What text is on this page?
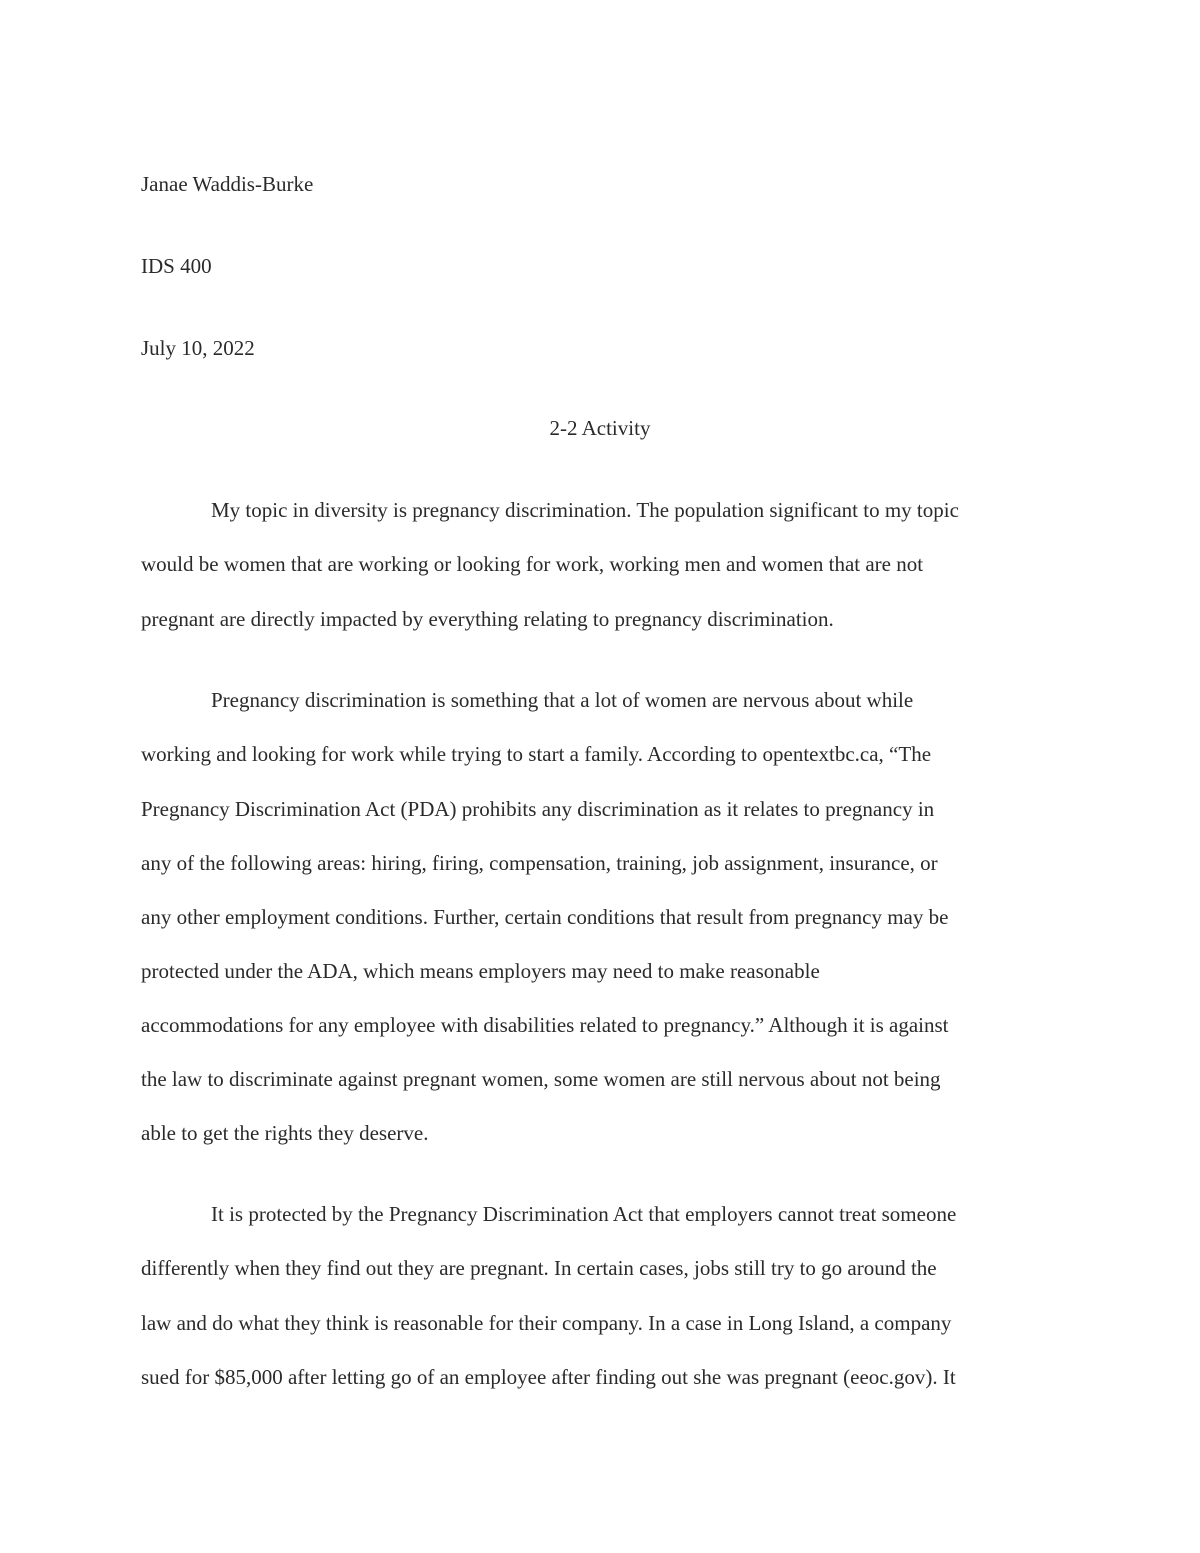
Janae Waddis-Burke
IDS 400
July 10, 2022
2-2 Activity
My topic in diversity is pregnancy discrimination. The population significant to my topic
would be women that are working or looking for work, working men and women that are not
pregnant are directly impacted by everything relating to pregnancy discrimination.
Pregnancy discrimination is something that a lot of women are nervous about while
working and looking for work while trying to start a family. According to opentextbc.ca, “The
Pregnancy Discrimination Act (PDA) prohibits any discrimination as it relates to pregnancy in
any of the following areas: hiring, firing, compensation, training, job assignment, insurance, or
any other employment conditions. Further, certain conditions that result from pregnancy may be
protected under the ADA, which means employers may need to make reasonable
accommodations for any employee with disabilities related to pregnancy.” Although it is against
the law to discriminate against pregnant women, some women are still nervous about not being
able to get the rights they deserve.
It is protected by the Pregnancy Discrimination Act that employers cannot treat someone
differently when they find out they are pregnant. In certain cases, jobs still try to go around the
law and do what they think is reasonable for their company. In a case in Long Island, a company
sued for $85,000 after letting go of an employee after finding out she was pregnant (eeoc.gov). It
